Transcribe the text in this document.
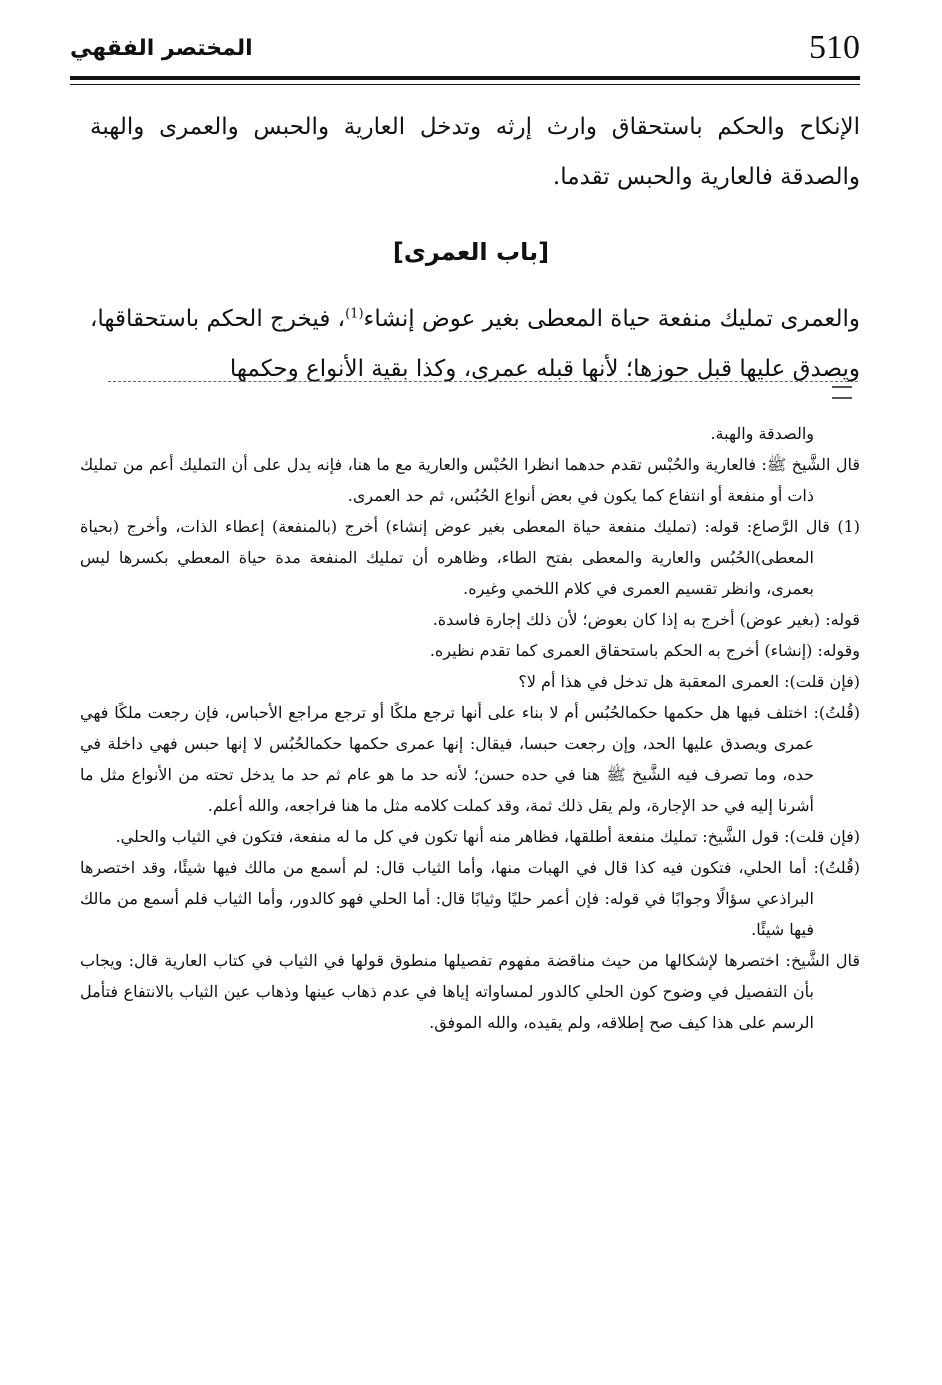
510
المختصر الفقهي

الإنكاح والحكم باستحقاق وارث إرثه وتدخل العارية والحبس والعمرى والهبة والصدقة فالعارية والحبس تقدما.

[باب العمرى]

والعمرى تمليك منفعة حياة المعطى بغير عوض إنشاء$^{(1)}$، فيخرج الحكم باستحقاقها، ويصدق عليها قبل حوزها؛ لأنها قبله عمرى، وكذا بقية الأنواع وحكمها

والصدقة والهبة.

قال الشَّيخ ﷺ: فالعارية والحُبْس تقدم حدهما انظرا الحُبْس والعارية مع ما هنا، فإنه يدل على أن التمليك أعم من تمليك ذات أو منفعة أو انتفاع كما يكون في بعض أنواع الحُبُس، ثم حد العمرى.

(1) قال الرَّصاع: قوله: (تمليك منفعة حياة المعطى بغير عوض إنشاء) أخرج (بالمنفعة) إعطاء الذات، وأخرج (بحياة المعطى)الحُبُس والعارية والمعطى بفتح الطاء، وظاهره أن تمليك المنفعة مدة حياة المعطي بكسرها ليس بعمرى، وانظر تقسيم العمرى في كلام اللخمي وغيره.

قوله: (بغير عوض) أخرج به إذا كان بعوض؛ لأن ذلك إجارة فاسدة.

وقوله: (إنشاء) أخرج به الحكم باستحقاق العمرى كما تقدم نظيره.

(فإن قلت): العمرى المعقبة هل تدخل في هذا أم لا؟

(قُلتُ): اختلف فيها هل حكمها حكمالحُبُس أم لا بناء على أنها ترجع ملكًا أو ترجع مراجع الأحباس، فإن رجعت ملكًا فهي عمرى ويصدق عليها الحد، وإن رجعت حبسا، فيقال: إنها عمرى حكمها حكمالحُبُس لا إنها حبس فهي داخلة في حده، وما تصرف فيه الشَّيخ ﷺ هنا في حده حسن؛ لأنه حد ما هو عام ثم حد ما يدخل تحته من الأنواع مثل ما أشرنا إليه في حد الإجارة، ولم يقل ذلك ثمة، وقد كملت كلامه مثل ما هنا فراجعه، والله أعلم.

(فإن قلت): قول الشَّيخ: تمليك منفعة أطلقها، فظاهر منه أنها تكون في كل ما له منفعة، فتكون في الثياب والحلي.

(قُلتُ): أما الحلي، فتكون فيه كذا قال في الهبات منها، وأما الثياب قال: لم أسمع من مالك فيها شيئًا، وقد اختصرها البراذعي سؤالًا وجوابًا في قوله: فإن أعمر حليًا وثيابًا قال: أما الحلي فهو كالدور، وأما الثياب فلم أسمع من مالك فيها شيئًا.

قال الشَّيخ: اختصرها لإشكالها من حيث مناقضة مفهوم تفصيلها منطوق قولها في الثياب في كتاب العارية قال: ويجاب بأن التفصيل في وضوح كون الحلي كالدور لمساواته إياها في عدم ذهاب عينها وذهاب عين الثياب بالانتفاع فتأمل الرسم على هذا كيف صح إطلاقه، ولم يقيده، والله الموفق.
